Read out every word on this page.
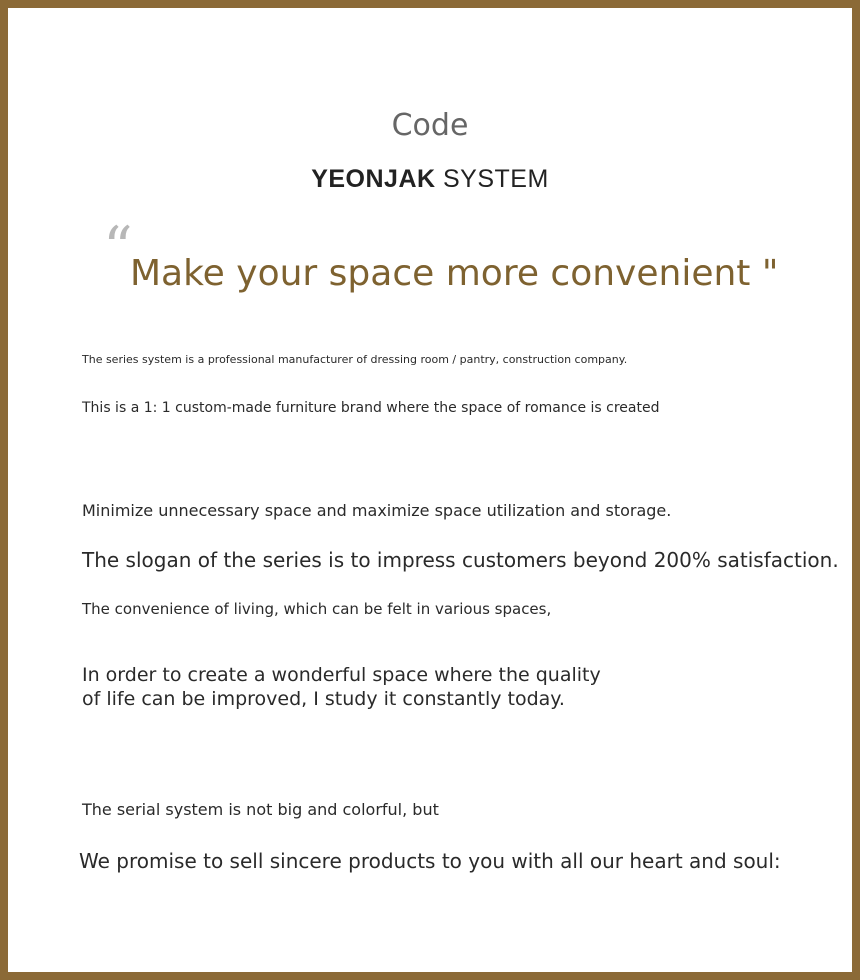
Code
YEONJAK SYSTEM
“
Make your space more convenient "
The series system is a professional manufacturer of dressing room / pantry, construction company.
This is a 1: 1 custom-made furniture brand where the space of romance is created
Minimize unnecessary space and maximize space utilization and storage.
The slogan of the series is to impress customers beyond 200% satisfaction.
The convenience of living, which can be felt in various spaces,
In order to create a wonderful space where the quality
of life can be improved, I study it constantly today.
The serial system is not big and colorful, but
We promise to sell sincere products to you with all our heart and soul:
